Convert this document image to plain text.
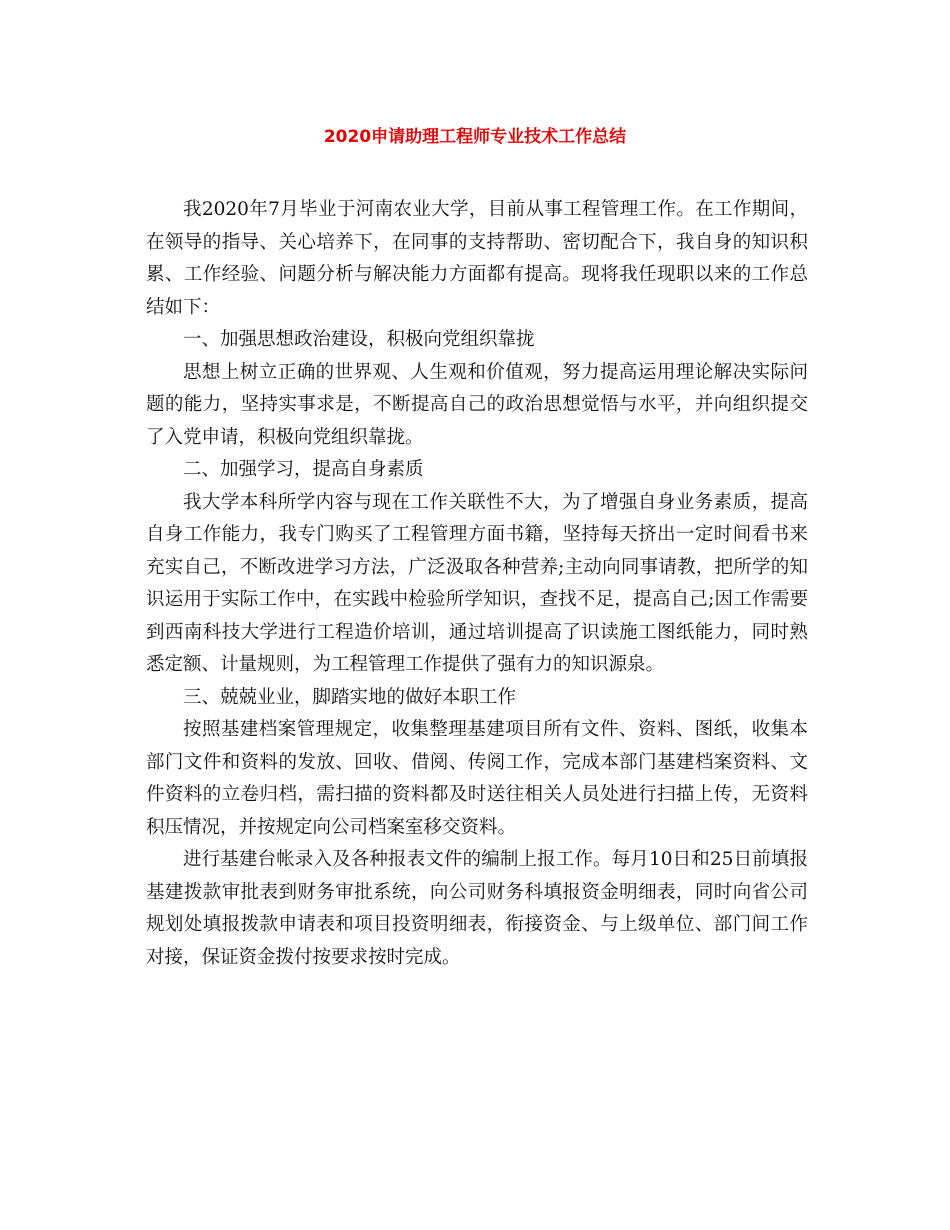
2020申请助理工程师专业技术工作总结

我2020年7月毕业于河南农业大学，目前从事工程管理工作。在工作期间，在领导的指导、关心培养下，在同事的支持帮助、密切配合下，我自身的知识积累、工作经验、问题分析与解决能力方面都有提高。现将我任现职以来的工作总结如下：

一、加强思想政治建设，积极向党组织靠拢

思想上树立正确的世界观、人生观和价值观，努力提高运用理论解决实际问题的能力，坚持实事求是，不断提高自己的政治思想觉悟与水平，并向组织提交了入党申请，积极向党组织靠拢。

二、加强学习，提高自身素质

我大学本科所学内容与现在工作关联性不大，为了增强自身业务素质，提高自身工作能力，我专门购买了工程管理方面书籍，坚持每天挤出一定时间看书来充实自己，不断改进学习方法，广泛汲取各种营养;主动向同事请教，把所学的知识运用于实际工作中，在实践中检验所学知识，查找不足，提高自己;因工作需要到西南科技大学进行工程造价培训，通过培训提高了识读施工图纸能力，同时熟悉定额、计量规则，为工程管理工作提供了强有力的知识源泉。

三、兢兢业业，脚踏实地的做好本职工作

按照基建档案管理规定，收集整理基建项目所有文件、资料、图纸，收集本部门文件和资料的发放、回收、借阅、传阅工作，完成本部门基建档案资料、文件资料的立卷归档，需扫描的资料都及时送往相关人员处进行扫描上传，无资料积压情况，并按规定向公司档案室移交资料。

进行基建台帐录入及各种报表文件的编制上报工作。每月10日和25日前填报基建拨款审批表到财务审批系统，向公司财务科填报资金明细表，同时向省公司规划处填报拨款申请表和项目投资明细表，衔接资金、与上级单位、部门间工作对接，保证资金拨付按要求按时完成。
